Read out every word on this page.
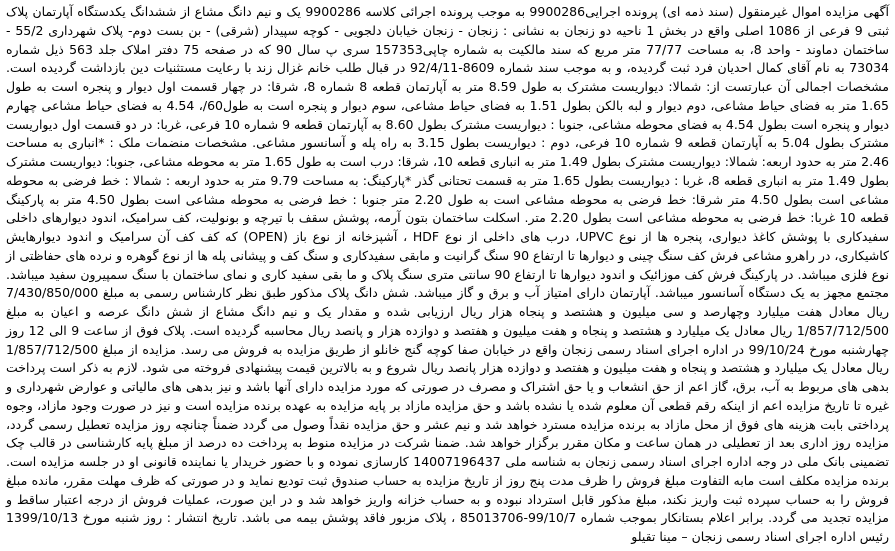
آگهی مزایده اموال غیرمنقول (سند ذمه ای) پرونده اجرایی9900286 به موجب پرونده اجرائی کلاسه 9900286 یک و نیم دانگ مشاع از ششدانگ یکدستگاه آپارتمان پلاک ثبتی 9 فرعی از 1086 اصلی واقع در بخش 1 ناحیه دو زنجان به نشانی : زنجان - زنجان خیابان دلجویی - کوچه سپیدار (شرقی) - بن بست دوم- پلاک شهرداری 55/2 - ساختمان دماوند - واحد 8، به مساحت 77/77 متر مربع که سند مالکیت به شماره چاپی157353 سری پ سال 90 که در صفحه 75 دفتر املاک جلد 563 ذیل شماره 73034 به نام آقای کمال احدیان فرد ثبت گردیده، و به موجب سند شماره 8609-92/4/11 در قبال طلب خانم غزال زند با رعایت مستثنیات دین بازداشت گردیده است. مشخصات اجمالی آن عبارتست از: شمالا: دیواریست مشترک به طول 8.59 متر به آپارتمان قطعه 8 شماره 8، شرقا: در چهار قسمت اول دیوار و پنجره است به طول 1.65 متر به فضای حیاط مشاعی، دوم دیوار و لبه بالکن بطول 1.51 به فضای حیاط مشاعی، سوم دیوار و پنجره است به طول60/، 4.54 به فضای حیاط مشاعی چهارم دیوار و پنجره است بطول 4.54 به فضای محوطه مشاعی، جنوبا : دیواریست مشترک بطول 8.60 به آپارتمان قطعه 9 شماره 10 فرعی، غربا: در دو قسمت اول دیواریست مشترک بطول 5.04 به آپارتمان قطعه 9 شماره 10 فرعی، دوم : دیواریست بطول 3.15 به راه پله و آسانسور مشاعی. مشخصات منضمات ملک : *انباری به مساحت 2.46 متر به حدود اربعه: شمالا: دیواریست مشترک بطول 1.49 متر به انباری قطعه 10، شرقا: درب است به طول 1.65 متر به محوطه مشاعی، جنوبا: دیواریست مشترک بطول 1.49 متر به انباری قطعه 8، غربا : دیواریست بطول 1.65 متر به قسمت تحتانی گذر *پارکینگ: به مساحت 9.79 متر به حدود اربعه : شمالا : خط فرضی به محوطه مشاعی است بطول 4.50 متر شرقا: خط فرضی به محوطه مشاعی است به طول 2.20 متر جنوبا : خط فرضی به محوطه مشاعی است بطول 4.50 متر به پارکینگ قطعه 10 غربا: خط فرضی به محوطه مشاعی است بطول 2.20 متر. اسکلت ساختمان بتون آرمه، پوشش سقف با تیرچه و بونولیت، کف سرامیک، اندود دیوارهای داخلی سفیدکاری با پوشش کاغذ دیواری، پنجره ها از نوع UPVC، درب های داخلی از نوع HDF ، آشپزخانه از نوع باز (OPEN) که کف کف آن سرامیک و اندود دیوارهایش کاشیکاری، در راهرو مشاعی فرش کف سنگ چینی و دیوارها تا ارتفاع 90 سنگ گرانیت و مابقی سفیدکاری و سنگ کف و پیشانی پله ها از نوع گوهره و نرده های حفاظتی از نوع فلزی میباشد. در پارکینگ فرش کف موزائیک و اندود دیوارها تا ارتفاع 90 سانتی متری سنگ پلاک و ما بقی سفید کاری و نمای ساختمان با سنگ سمپیرون سفید میباشد. مجتمع مجهز به یک دستگاه آسانسور میباشد. آپارتمان دارای امتیاز آب و برق و گاز میباشد. شش دانگ پلاک مذکور طبق نظر کارشناس رسمی به مبلغ 7/430/850/000 ریال معادل هفت میلیارد وچهارصد و سی میلیون و هشتصد و پنجاه هزار ریال ارزیابی شده و مقدار یک و نیم دانگ مشاع از شش دانگ عرصه و اعیان به مبلغ 1/857/712/500 ریال معادل یک میلیارد و هشتصد و پنجاه و هفت میلیون و هفتصد و دوازده هزار و پانصد ریال محاسبه گردیده است. پلاک فوق از ساعت 9 الی 12 روز چهارشنبه مورخ 99/10/24 در اداره اجرای اسناد رسمی زنجان واقع در خیابان صفا کوچه گنج خانلو از طریق مزایده به فروش می رسد. مزایده از مبلغ 1/857/712/500 ریال معادل یک میلیارد و هشتصد و پنجاه و هفت میلیون و هفتصد و دوازده هزار پانصد ریال شروع و به بالاترین قیمت پیشنهادی فروخته می شود. لازم به ذکر است پرداخت بدهی های مربوط به آب، برق، گاز اعم از حق انشعاب و یا حق اشتراک و مصرف در صورتی که مورد مزایده دارای آنها باشد و نیز بدهی های مالیاتی و عوارض شهرداری و غیره تا تاریخ مزایده اعم از اینکه رقم قطعی آن معلوم شده یا نشده باشد و حق مزایده مازاد بر پایه مزایده به عهده برنده مزایده است و نیز در صورت وجود مازاد، وجوه پرداختی بابت هزینه های فوق از محل مازاد به برنده مزایده مسترد خواهد شد و نیم عشر و حق مزایده نقداً وصول می گردد ضمناً چنانچه روز مزایده تعطیل رسمی گردد، مزایده روز اداری بعد از تعطیلی در همان ساعت و مکان مقرر برگزار خواهد شد. ضمنا شرکت در مزایده منوط به پرداخت ده درصد از مبلغ پایه کارشناسی در قالب چک تضمینی بانک ملی در وجه اداره اجرای اسناد رسمی زنجان به شناسه ملی 14007196437 کارسازی نموده و با حضور خریدار یا نماینده قانونی او در جلسه مزایده است. برنده مزایده مکلف است مابه التفاوت مبلغ فروش را ظرف مدت پنج روز از تاریخ مزایده به حساب صندوق ثبت تودیع نماید و در صورتی که ظرف مهلت مقرر، مانده مبلغ فروش را به حساب سپرده ثبت واریز نکند، مبلغ مذکور قابل استرداد نبوده و به حساب خزانه واریز خواهد شد و در این صورت، عملیات فروش از درجه اعتبار ساقط و مزایده تجدید می گردد. برابر اعلام بستانکار بموجب شماره 99/10/7-85013706 ، پلاک مزبور فاقد پوشش بیمه می باشد. تاریخ انتشار : روز شنبه مورخ 1399/10/13 رئیس اداره اجرای اسناد رسمی زنجان – مینا تقیلو
